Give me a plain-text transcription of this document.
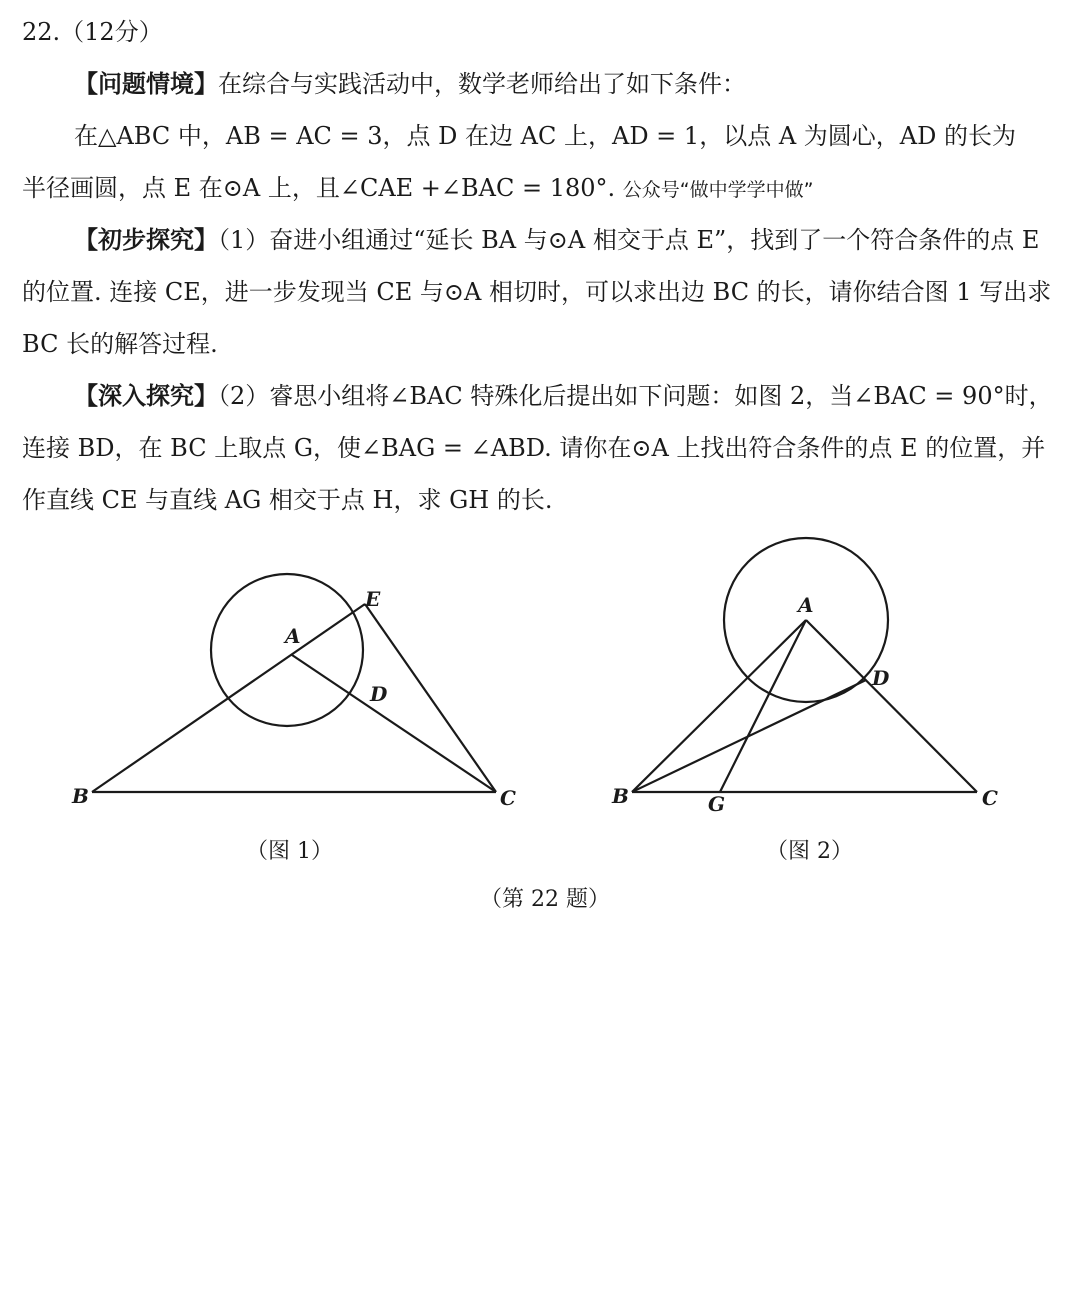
22.（12分）

【问题情境】在综合与实践活动中，数学老师给出了如下条件：

在△ABC 中，AB = AC = 3，点 D 在边 AC 上，AD = 1，以点 A 为圆心，AD 的长为
半径画圆，点 E 在⊙A 上，且∠CAE +∠BAC = 180°. 公众号“做中学学中做”

【初步探究】（1）奋进小组通过“延长 BA 与⊙A 相交于点 E”，找到了一个符合条件的点 E 的位置. 连接 CE，进一步发现当 CE 与⊙A 相切时，可以求出边 BC 的长，请你结合图 1 写出求 BC 长的解答过程.

【深入探究】（2）睿思小组将∠BAC 特殊化后提出如下问题：如图 2，当∠BAC = 90°时，连接 BD，在 BC 上取点 G，使∠BAG = ∠ABD. 请你在⊙A 上找出符合条件的点 E 的位置，并作直线 CE 与直线 AG 相交于点 H，求 GH 的长.

A
B	C
D
E	A
B	C
D
G
（图 1）	（图 2）
（第 22 题）
